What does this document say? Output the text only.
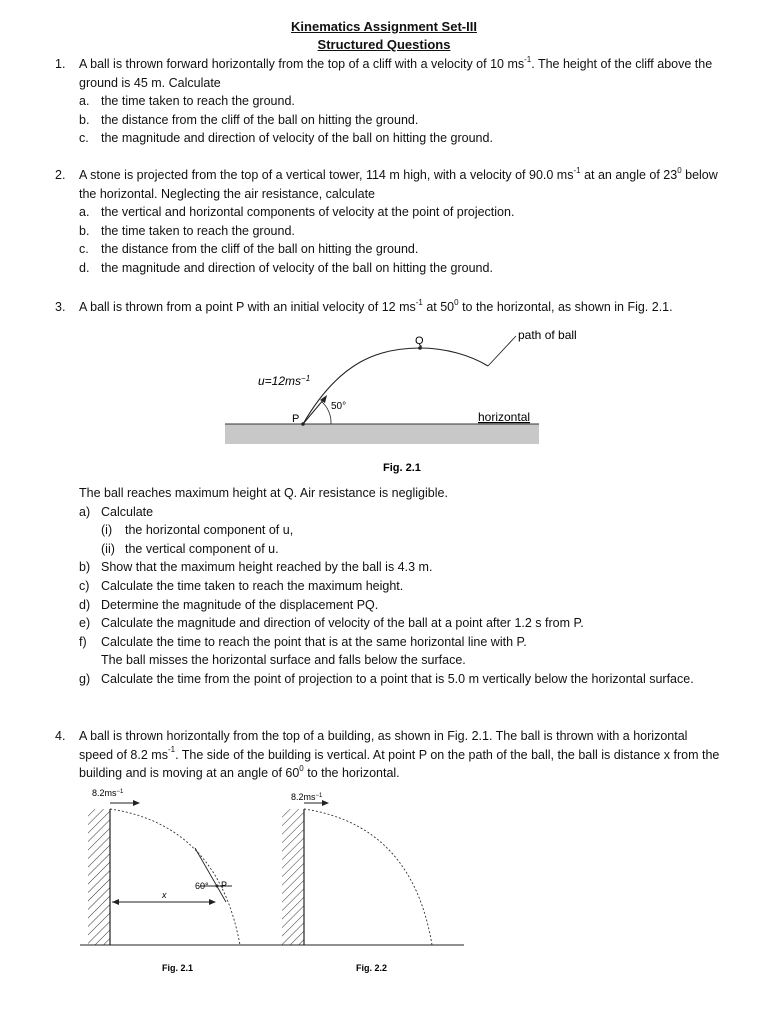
Kinematics Assignment Set-III
Structured Questions
1. A ball is thrown forward horizontally from the top of a cliff with a velocity of 10 $ms^{-1}$. The height of the cliff above the ground is 45 m. Calculate
a. the time taken to reach the ground.
b. the distance from the cliff of the ball on hitting the ground.
c. the magnitude and direction of velocity of the ball on hitting the ground.
2. A stone is projected from the top of a vertical tower, 114 m high, with a velocity of 90.0 $ms^{-1}$ at an angle of $23^0$ below the horizontal. Neglecting the air resistance, calculate
a. the vertical and horizontal components of velocity at the point of projection.
b. the time taken to reach the ground.
c. the distance from the cliff of the ball on hitting the ground.
d. the magnitude and direction of velocity of the ball on hitting the ground.
3. A ball is thrown from a point P with an initial velocity of 12 $ms^{-1}$ at $50^0$ to the horizontal, as shown in Fig. 2.1.
path of ball
Q
P
$u=12ms^{-1}$
50°
horizontal
Fig. 2.1
The ball reaches maximum height at Q. Air resistance is negligible.
a) Calculate
(i)	the horizontal component of u,
(ii) the vertical component of u.
b) Show that the maximum height reached by the ball is 4.3 m.
c) Calculate the time taken to reach the maximum height.
d) Determine the magnitude of the displacement PQ.
e) Calculate the magnitude and direction of velocity of the ball at a point after 1.2 s from P.
f)	Calculate the time to reach the point that is at the same horizontal line with P.
The ball misses the horizontal surface and falls below the surface.
g) Calculate the time from the point of projection to a point that is 5.0 m vertically below the horizontal surface.
4. A ball is thrown horizontally from the top of a building, as shown in Fig. 2.1. The ball is thrown with a horizontal speed of 8.2 $ms^{-1}$. The side of the building is vertical. At point P on the path of the ball, the ball is distance x from the building and is moving at an angle of $60^0$ to the horizontal.
$8.2ms^{-1}$
60° P
x
Fig. 2.1
$8.2ms^{-1}$
Fig. 2.2
